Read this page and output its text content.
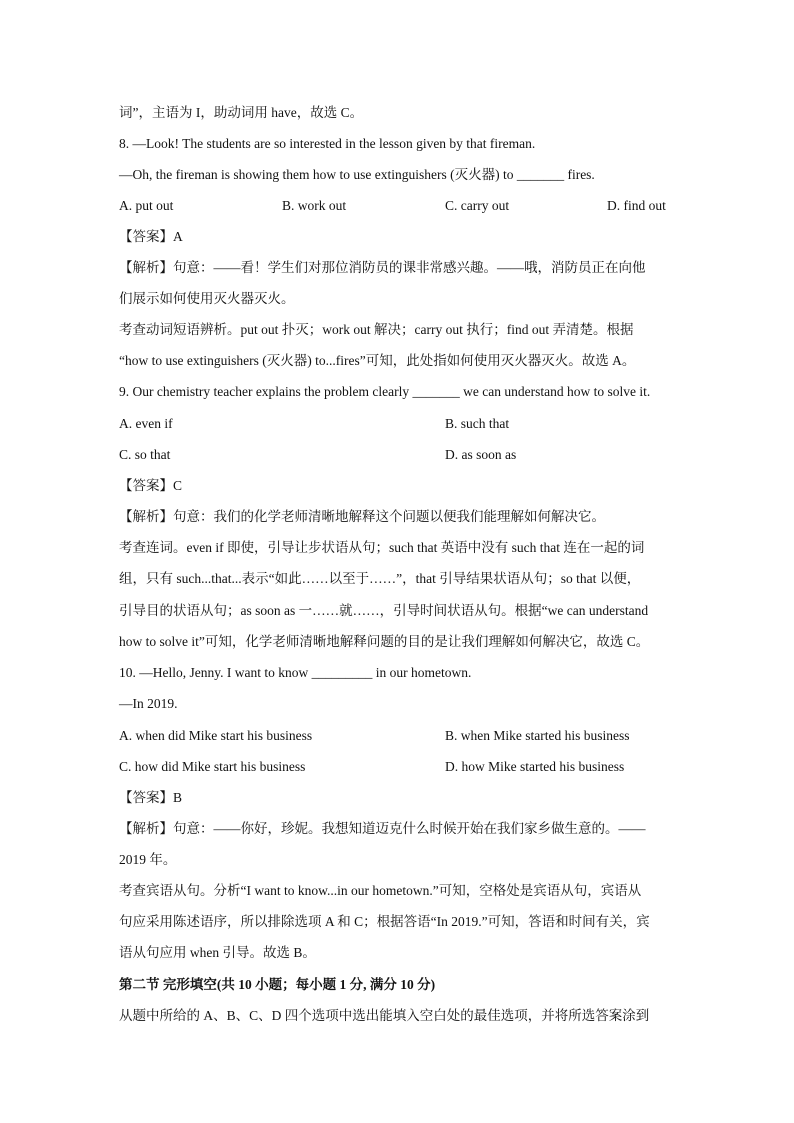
词”，主语为 I，助动词用 have，故选 C。
8. —Look! The students are so interested in the lesson given by that fireman.
—Oh, the fireman is showing them how to use extinguishers (灭火器) to _______ fires.
A. put out	B. work out	C. carry out	D. find out
【答案】A
【解析】句意：——看！学生们对那位消防员的课非常感兴趣。——哦，消防员正在向他
们展示如何使用灭火器灭火。
考查动词短语辨析。put out 扑灭；work out 解决；carry out 执行；find out 弄清楚。根据
“how to use extinguishers (灭火器) to...fires”可知，此处指如何使用灭火器灭火。故选 A。
9. Our chemistry teacher explains the problem clearly _______ we can understand how to solve it.
A. even if	B. such that
C. so that	D. as soon as
【答案】C
【解析】句意：我们的化学老师清晰地解释这个问题以便我们能理解如何解决它。
考查连词。even if 即使，引导让步状语从句；such that 英语中没有 such that 连在一起的词
组，只有 such...that...表示“如此……以至于……”，that 引导结果状语从句；so that 以便，
引导目的状语从句；as soon as 一……就……，引导时间状语从句。根据“we can understand
how to solve it”可知，化学老师清晰地解释问题的目的是让我们理解如何解决它，故选 C。
10. —Hello, Jenny. I want to know _________ in our hometown.
—In 2019.
A. when did Mike start his business	B. when Mike started his business
C. how did Mike start his business	D. how Mike started his business
【答案】B
【解析】句意：——你好，珍妮。我想知道迈克什么时候开始在我们家乡做生意的。——
2019 年。
考查宾语从句。分析“I want to know...in our hometown.”可知，空格处是宾语从句，宾语从
句应采用陈述语序，所以排除选项 A 和 C；根据答语“In 2019.”可知，答语和时间有关，宾
语从句应用 when 引导。故选 B。
第二节 完形填空(共 10 小题；每小题 1 分, 满分 10 分)
从题中所给的 A、B、C、D 四个选项中选出能填入空白处的最佳选项，并将所选答案涂到
